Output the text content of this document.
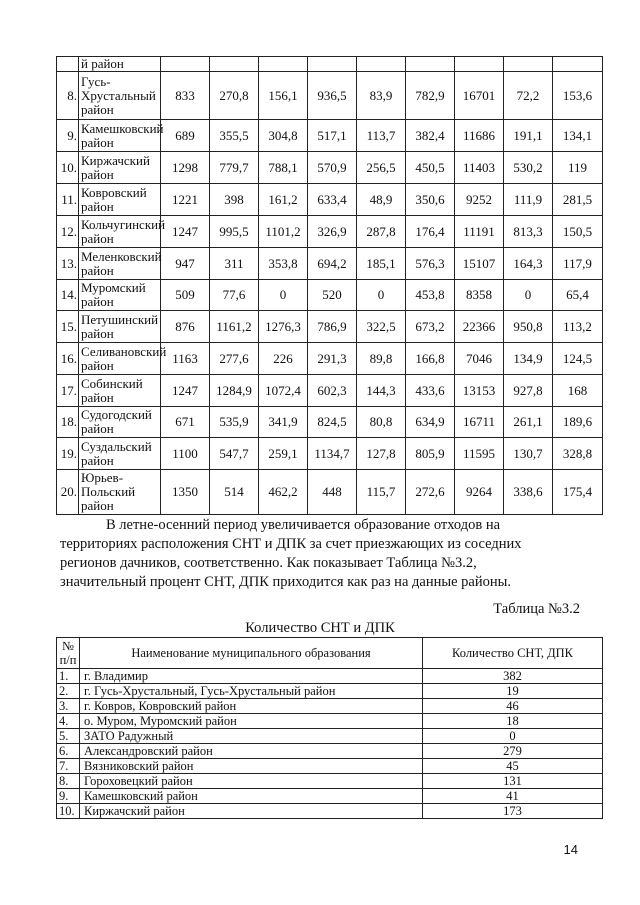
	й район									
8.	Гусь-Хрустальный район	833	270,8	156,1	936,5	83,9	782,9	16701	72,2	153,6
9.	Камешковский район	689	355,5	304,8	517,1	113,7	382,4	11686	191,1	134,1
10.	Киржачский район	1298	779,7	788,1	570,9	256,5	450,5	11403	530,2	119
11.	Ковровский район	1221	398	161,2	633,4	48,9	350,6	9252	111,9	281,5
12.	Кольчугинский район	1247	995,5	1101,2	326,9	287,8	176,4	11191	813,3	150,5
13.	Меленковский район	947	311	353,8	694,2	185,1	576,3	15107	164,3	117,9
14.	Муромский район	509	77,6	0	520	0	453,8	8358	0	65,4
15.	Петушинский район	876	1161,2	1276,3	786,9	322,5	673,2	22366	950,8	113,2
16.	Селивановский район	1163	277,6	226	291,3	89,8	166,8	7046	134,9	124,5
17.	Собинский район	1247	1284,9	1072,4	602,3	144,3	433,6	13153	927,8	168
18.	Судогодский район	671	535,9	341,9	824,5	80,8	634,9	16711	261,1	189,6
19.	Суздальский район	1100	547,7	259,1	1134,7	127,8	805,9	11595	130,7	328,8
20.	Юрьев-Польский район	1350	514	462,2	448	115,7	272,6	9264	338,6	175,4
В летне-осенний период увеличивается образование отходов на
территориях расположения СНТ и ДПК за счет приезжающих из соседних
регионов дачников, соответственно. Как показывает Таблица №3.2,
значительный процент СНТ, ДПК приходится как раз на данные районы.
Таблица №3.2
Количество СНТ и ДПК
№ п/п	Наименование муниципального образования	Количество СНТ, ДПК
1.	г. Владимир	382
2.	г. Гусь-Хрустальный, Гусь-Хрустальный район	19
3.	г. Ковров, Ковровский район	46
4.	о. Муром, Муромский район	18
5.	ЗАТО Радужный	0
6.	Александровский район	279
7.	Вязниковский район	45
8.	Гороховецкий район	131
9.	Камешковский район	41
10.	Киржачский район	173
14
